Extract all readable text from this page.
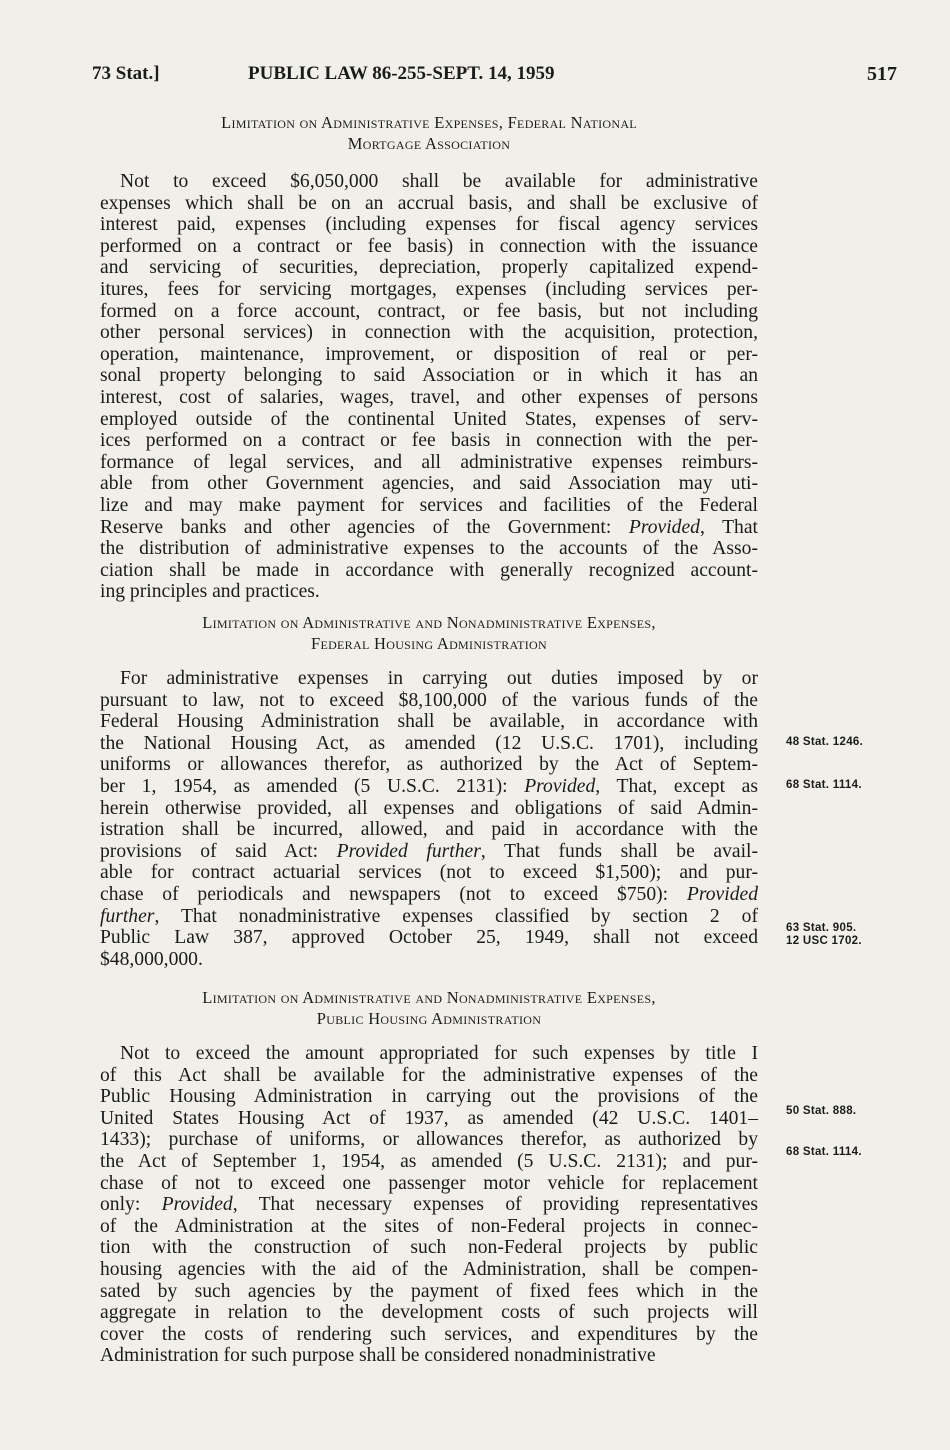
73 Stat.]	PUBLIC LAW 86-255-SEPT. 14, 1959	517
Limitation on Administrative Expenses, Federal National
Mortgage Association
Not to exceed $6,050,000 shall be available for administrative
expenses which shall be on an accrual basis, and shall be exclusive of
interest paid, expenses (including expenses for fiscal agency services
performed on a contract or fee basis) in connection with the issuance
and servicing of securities, depreciation, properly capitalized expend-
itures, fees for servicing mortgages, expenses (including services per-
formed on a force account, contract, or fee basis, but not including
other personal services) in connection with the acquisition, protection,
operation, maintenance, improvement, or disposition of real or per-
sonal property belonging to said Association or in which it has an
interest, cost of salaries, wages, travel, and other expenses of persons
employed outside of the continental United States, expenses of serv-
ices performed on a contract or fee basis in connection with the per-
formance of legal services, and all administrative expenses reimburs-
able from other Government agencies, and said Association may uti-
lize and may make payment for services and facilities of the Federal
Reserve banks and other agencies of the Government: Provided, That
the distribution of administrative expenses to the accounts of the Asso-
ciation shall be made in accordance with generally recognized account-
ing principles and practices.
Limitation on Administrative and Nonadministrative Expenses,
Federal Housing Administration
For administrative expenses in carrying out duties imposed by or
pursuant to law, not to exceed $8,100,000 of the various funds of the
Federal Housing Administration shall be available, in accordance with
the National Housing Act, as amended (12 U.S.C. 1701), including
uniforms or allowances therefor, as authorized by the Act of Septem-
ber 1, 1954, as amended (5 U.S.C. 2131): Provided, That, except as
herein otherwise provided, all expenses and obligations of said Admin-
istration shall be incurred, allowed, and paid in accordance with the
provisions of said Act: Provided further, That funds shall be avail-
able for contract actuarial services (not to exceed $1,500); and pur-
chase of periodicals and newspapers (not to exceed $750): Provided
further, That nonadministrative expenses classified by section 2 of
Public Law 387, approved October 25, 1949, shall not exceed
$48,000,000.
48 Stat. 1246.
68 Stat. 1114.
63 Stat. 905.
12 USC 1702.
Limitation on Administrative and Nonadministrative Expenses,
Public Housing Administration
Not to exceed the amount appropriated for such expenses by title I
of this Act shall be available for the administrative expenses of the
Public Housing Administration in carrying out the provisions of the
United States Housing Act of 1937, as amended (42 U.S.C. 1401–
1433); purchase of uniforms, or allowances therefor, as authorized by
the Act of September 1, 1954, as amended (5 U.S.C. 2131); and pur-
chase of not to exceed one passenger motor vehicle for replacement
only: Provided, That necessary expenses of providing representatives
of the Administration at the sites of non-Federal projects in connec-
tion with the construction of such non-Federal projects by public
housing agencies with the aid of the Administration, shall be compen-
sated by such agencies by the payment of fixed fees which in the
aggregate in relation to the development costs of such projects will
cover the costs of rendering such services, and expenditures by the
Administration for such purpose shall be considered nonadministrative
50 Stat. 888.
68 Stat. 1114.
